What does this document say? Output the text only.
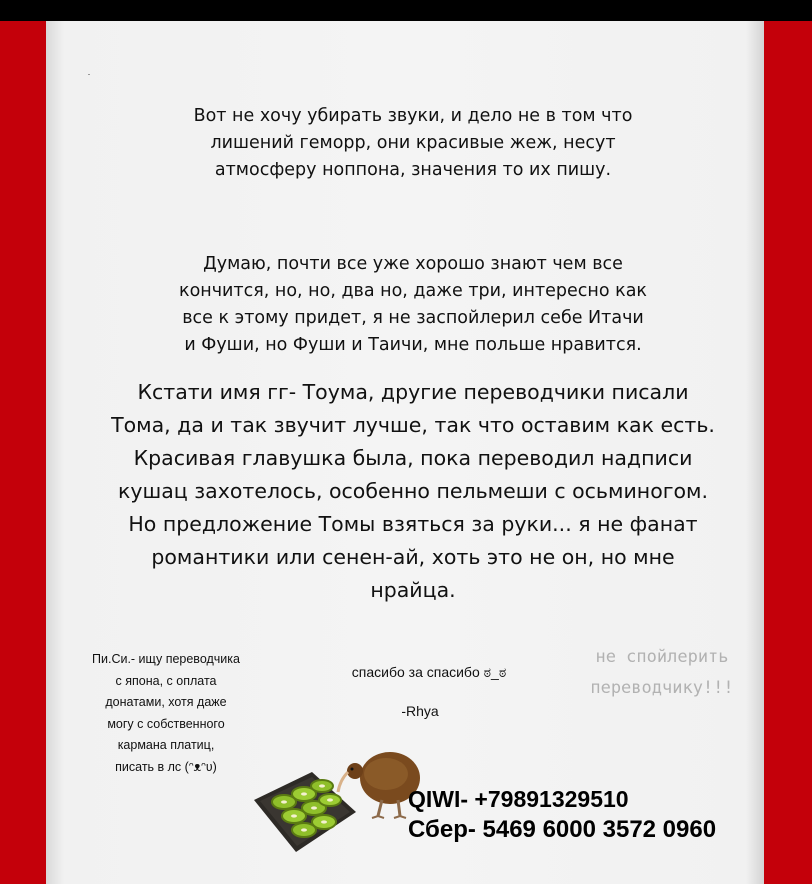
Вот не хочу убирать звуки, и дело не в том что
лишений геморр, они красивые жеж, несут
атмосферу ноппона, значения то их пишу.
Думаю, почти все уже хорошо знают чем все
кончится, но, но, два но, даже три, интересно как
все к этому придет, я не заспойлерил себе Итачи
и Фуши, но Фуши и Таичи, мне польше нравится.
Кстати имя гг- Тоума, другие переводчики писали
Тома, да и так звучит лучше, так что оставим как есть.
Красивая главушка была, пока переводил надписи
кушац захотелось, особенно пельмеши с осьминогом.
Но предложение Томы взяться за руки... я не фанат
романтики или сенен-ай, хоть это не он, но мне
нрайца.
Пи.Си.- ищу переводчика
с япона, с оплата
донатами, хотя даже
могу с собственного
кармана платиц,
писать в лс (ᵔᴥᵔʋ)
спасибо за спасибо ಠ_ಠ
-Rhya
не спойлерить
переводчику!!!
QIWI- +79891329510
Сбер- 5469 6000 3572 0960
